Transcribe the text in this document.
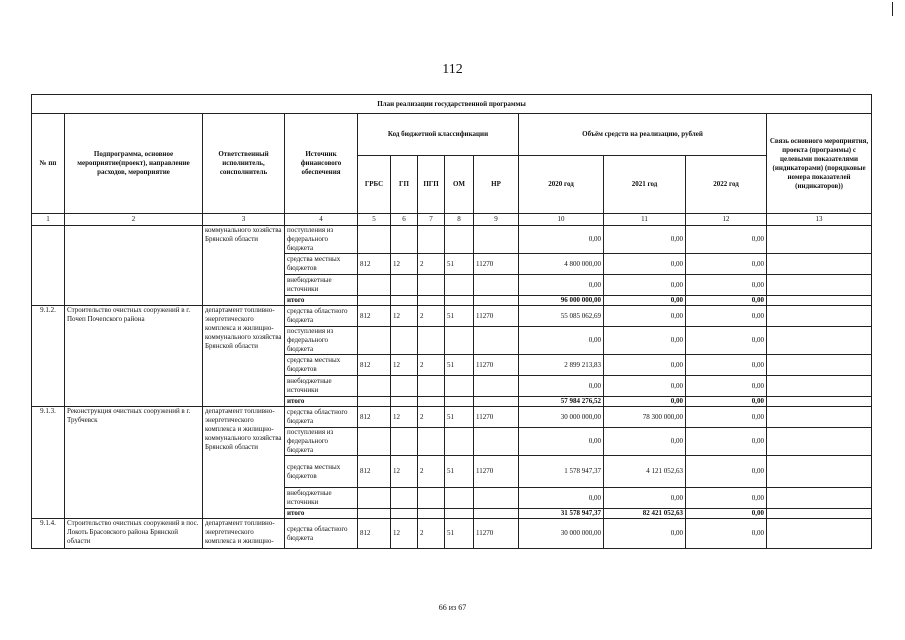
112
План реализации государственной программы												
№ пп	Подпрограмма, основное мероприятие(проект), направление расходов, мероприятие	Ответственный исполнитель, соисполнитель	Источник финансового обеспечения	Код бюджетной классификации					Объём средств на реализацию, рублей			Связь основного мероприятия, проекта (программы) с целевыми показателями (индикаторами) (порядковые номера показателей (индикаторов))
				ГРБС	ГП	ПГП	ОМ	НР	2020 год	2021 год	2022 год	
1	2	3	4	5	6	7	8	9	10	11	12	13
		коммунального хозяйства Брянской области	поступления из федерального бюджета						0,00	0,00	0,00	
			средства местных бюджетов	812	12	2	51	11270	4 800 000,00	0,00	0,00	
			внебюджетные источники						0,00	0,00	0,00	
			итого						96 000 000,00	0,00	0,00	
9.1.2.	Строительство очистных сооружений в г. Почеп Почепского района	департамент топливно-энергетического комплекса и жилищно-коммунального хозяйства Брянской области	средства областного бюджета	812	12	2	51	11270	55 085 062,69	0,00	0,00	
			поступления из федерального бюджета						0,00	0,00	0,00	
			средства местных бюджетов	812	12	2	51	11270	2 899 213,83	0,00	0,00	
			внебюджетные источники						0,00	0,00	0,00	
			итого						57 984 276,52	0,00	0,00	
9.1.3.	Реконструкция очистных сооружений в г. Трубчевск	департамент топливно-энергетического комплекса и жилищно-коммунального хозяйства Брянской области	средства областного бюджета	812	12	2	51	11270	30 000 000,00	78 300 000,00	0,00	
			поступления из федерального бюджета						0,00	0,00	0,00	
			средства местных бюджетов	812	12	2	51	11270	1 578 947,37	4 121 052,63	0,00	
			внебюджетные источники						0,00	0,00	0,00	
			итого						31 578 947,37	82 421 052,63	0,00	
9.1.4.	Строительство очистных сооружений в пос. Локоть Брасовского района Брянской области	департамент топливно-энергетического комплекса и жилищно-	средства областного бюджета	812	12	2	51	11270	30 000 000,00	0,00	0,00	
66 из 67
